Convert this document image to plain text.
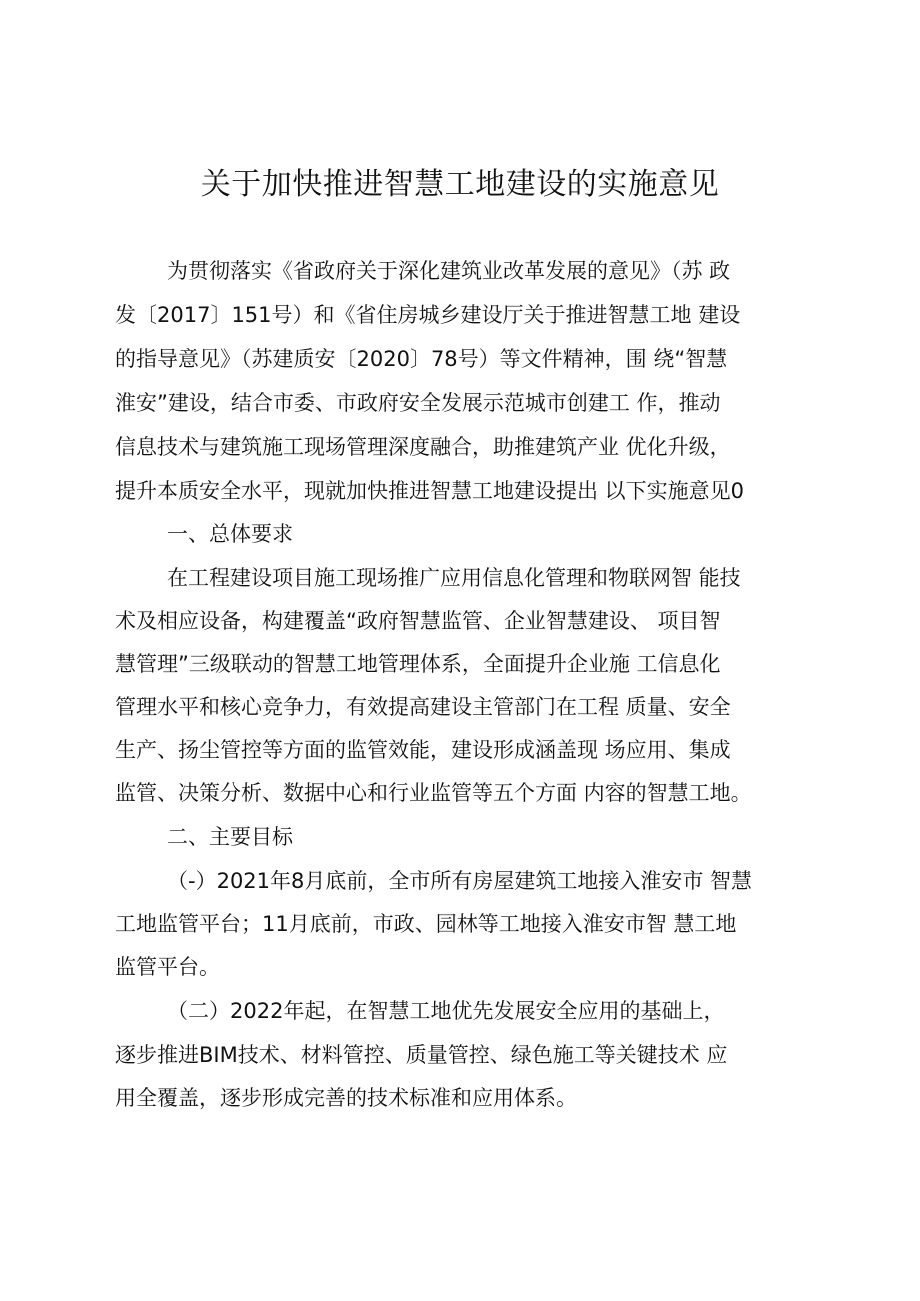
关于加快推进智慧工地建设的实施意见

为贯彻落实《省政府关于深化建筑业改革发展的意见》（苏 政

发〔2017〕151号）和《省住房城乡建设厅关于推进智慧工地 建设

的指导意见》（苏建质安〔2020〕78号）等文件精神，围 绕“智慧

淮安”建设，结合市委、市政府安全发展示范城市创建工 作，推动

信息技术与建筑施工现场管理深度融合，助推建筑产业 优化升级，

提升本质安全水平，现就加快推进智慧工地建设提出 以下实施意见0

一、总体要求

在工程建设项目施工现场推广应用信息化管理和物联网智 能技

术及相应设备，构建覆盖“政府智慧监管、企业智慧建设、 项目智

慧管理”三级联动的智慧工地管理体系，全面提升企业施 工信息化

管理水平和核心竞争力，有效提高建设主管部门在工程 质量、安全

生产、扬尘管控等方面的监管效能，建设形成涵盖现 场应用、集成

监管、决策分析、数据中心和行业监管等五个方面 内容的智慧工地。

二、主要目标

（-）2021年8月底前，全市所有房屋建筑工地接入淮安市 智慧

工地监管平台；11月底前，市政、园林等工地接入淮安市智 慧工地

监管平台。

（二）2022年起，在智慧工地优先发展安全应用的基础上，

逐步推进BIM技术、材料管控、质量管控、绿色施工等关键技术 应

用全覆盖，逐步形成完善的技术标准和应用体系。
